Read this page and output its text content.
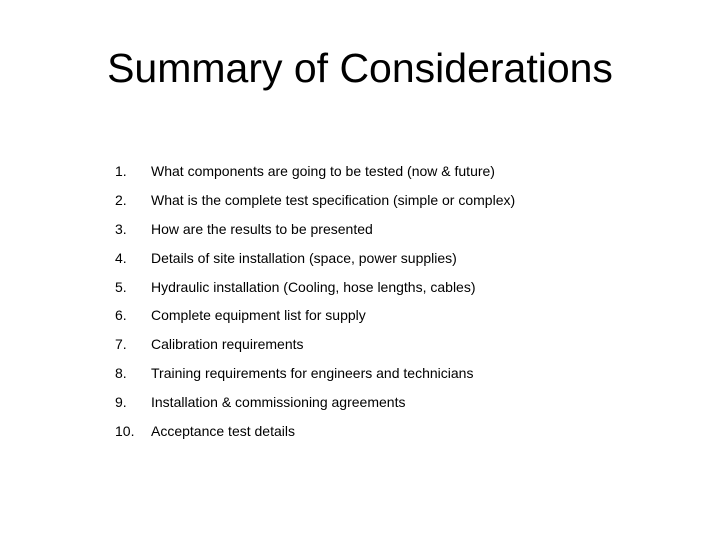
Summary of Considerations
1.	What components are going to be tested (now & future)
2.	What is the complete test specification (simple or complex)
3.	How are the results to be presented
4.	Details of site installation (space, power supplies)
5.	Hydraulic installation (Cooling, hose lengths, cables)
6.	Complete equipment list for supply
7.	Calibration requirements
8.	Training requirements for engineers and technicians
9.	Installation & commissioning agreements
10.	Acceptance test details
